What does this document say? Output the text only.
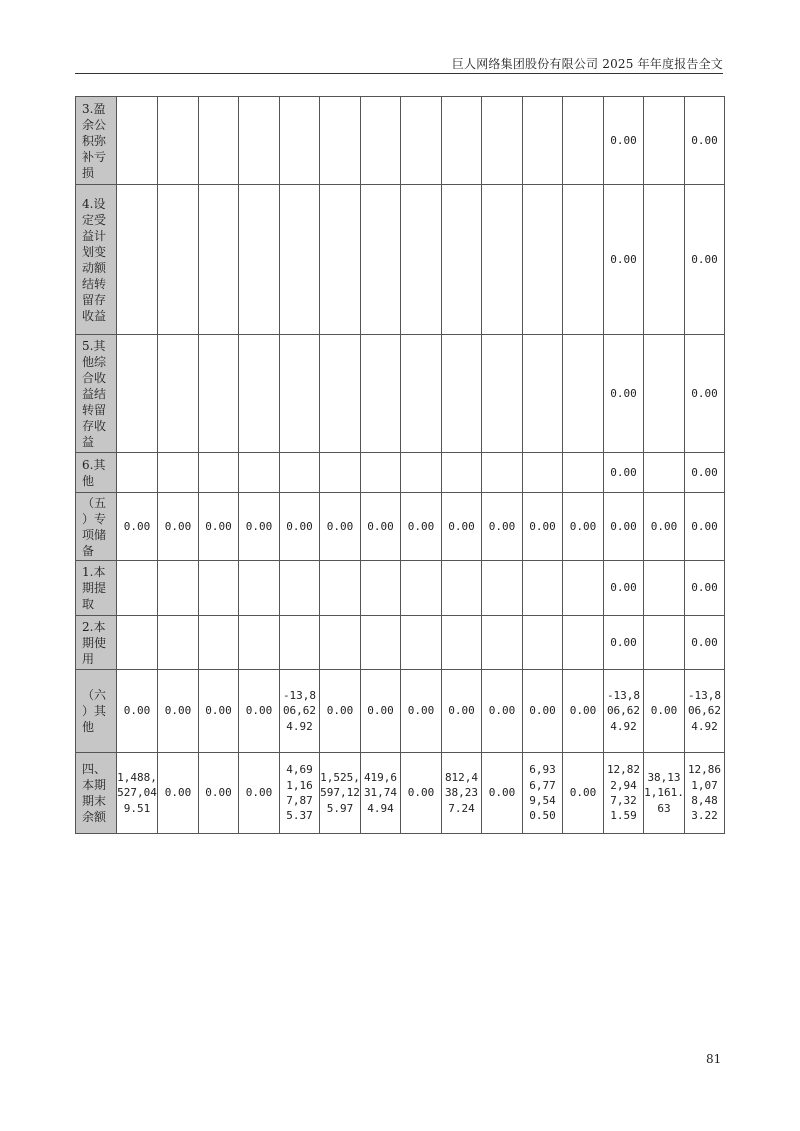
巨人网络集团股份有限公司 2025 年年度报告全文
3.盈余公积弥补亏损													0.00		0.00
4.设定受益计划变动额结转留存收益													0.00		0.00
5.其他综合收益结转留存收益													0.00		0.00
6.其他													0.00		0.00
（五）专项储备	0.00	0.00	0.00	0.00	0.00	0.00	0.00	0.00	0.00	0.00	0.00	0.00	0.00	0.00	0.00
1.本期提取													0.00		0.00
2.本期使用													0.00		0.00
（六）其他	0.00	0.00	0.00	0.00	-13,806,624.92	0.00	0.00	0.00	0.00	0.00	0.00	0.00	-13,806,624.92	0.00	-13,806,624.92
四、本期期末余额	1,488,527,049.51	0.00	0.00	0.00	4,691,167,875.37	1,525,597,125.97	419,631,744.94	0.00	812,438,237.24	0.00	6,936,779,540.50	0.00	12,822,947,321.59	38,131,161.63	12,861,078,483.22
81
